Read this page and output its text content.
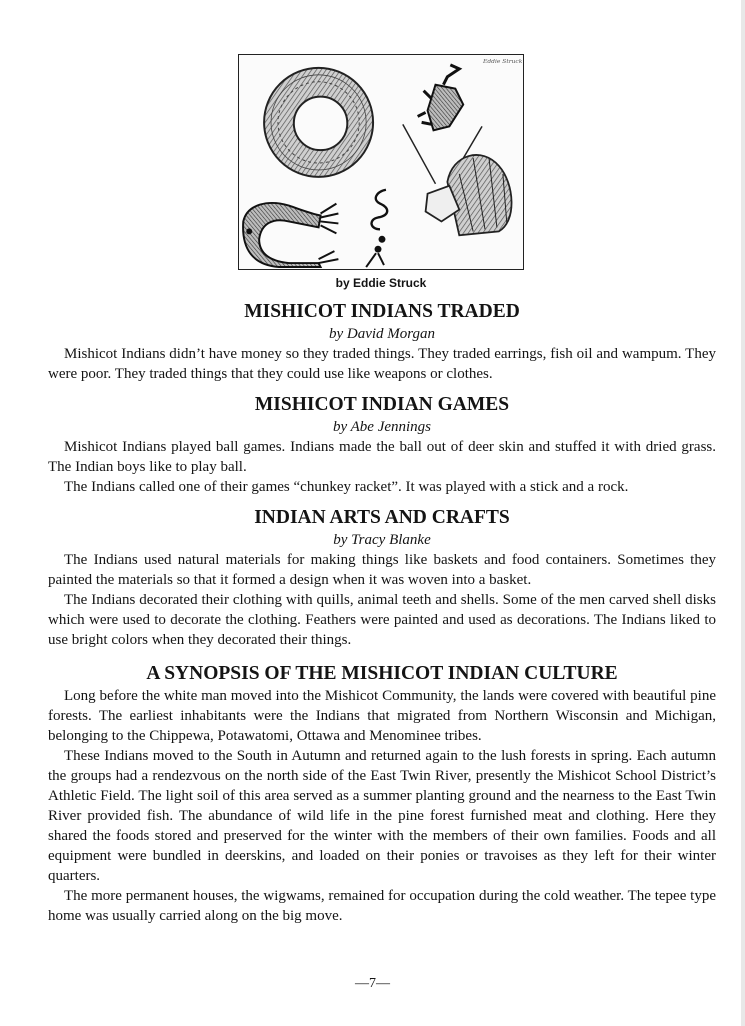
Eddie Struck
by Eddie Struck
MISHICOT INDIANS TRADED
by David Morgan

Mishicot Indians didn’t have money so they traded things. They traded earrings, fish oil and wampum. They were poor. They traded things that they could use like weapons or clothes.

MISHICOT INDIAN GAMES
by Abe Jennings

Mishicot Indians played ball games. Indians made the ball out of deer skin and stuffed it with dried grass. The Indian boys like to play ball.

The Indians called one of their games “chunkey racket”. It was played with a stick and a rock.

INDIAN ARTS AND CRAFTS
by Tracy Blanke

The Indians used natural materials for making things like baskets and food containers. Sometimes they painted the materials so that it formed a design when it was woven into a basket.

The Indians decorated their clothing with quills, animal teeth and shells. Some of the men carved shell disks which were used to decorate the clothing. Feathers were painted and used as decorations. The Indians liked to use bright colors when they decorated their things.

A SYNOPSIS OF THE MISHICOT INDIAN CULTURE

Long before the white man moved into the Mishicot Community, the lands were covered with beautiful pine forests. The earliest inhabitants were the Indians that migrated from Northern Wisconsin and Michigan, belonging to the Chippewa, Potawatomi, Ottawa and Menominee tribes.

These Indians moved to the South in Autumn and returned again to the lush forests in spring. Each autumn the groups had a rendezvous on the north side of the East Twin River, presently the Mishicot School District’s Athletic Field. The light soil of this area served as a summer planting ground and the nearness to the East Twin River provided fish. The abundance of wild life in the pine forest furnished meat and clothing. Here they shared the foods stored and preserved for the winter with the members of their own families. Foods and all equipment were bundled in deerskins, and loaded on their ponies or travoises as they left for their winter quarters.

The more permanent houses, the wigwams, remained for occupation during the cold weather. The tepee type home was usually carried along on the big move.

—7—
